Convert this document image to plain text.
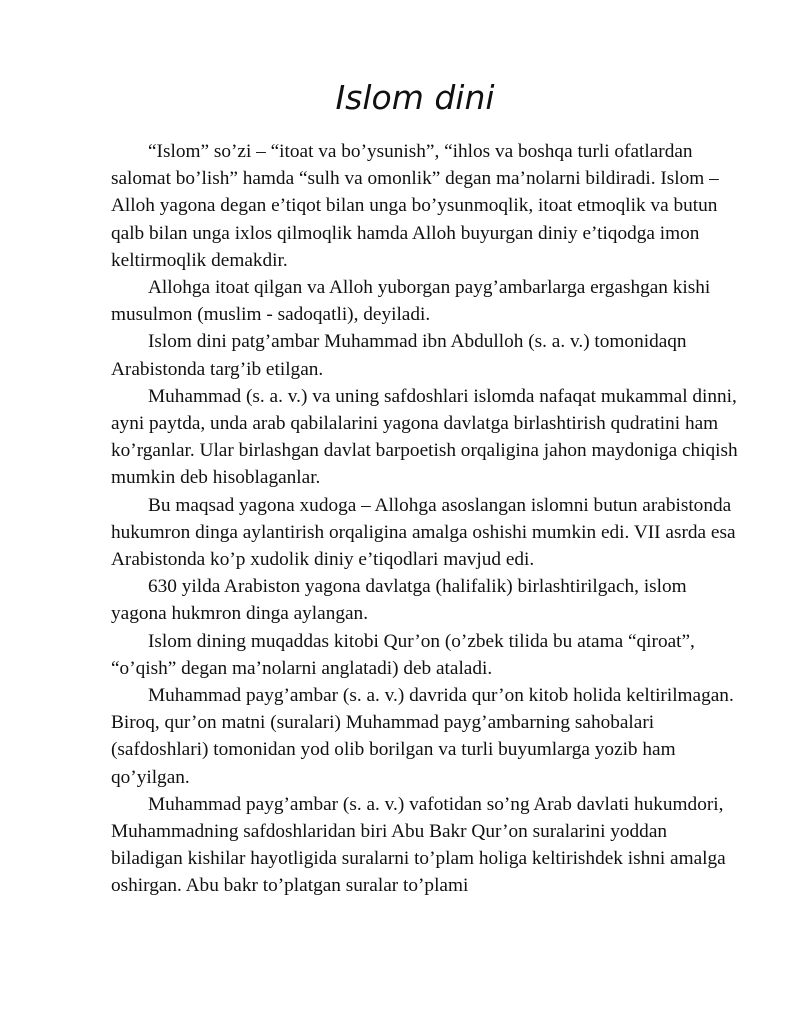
Islom dini

“Islom” so’zi – “itoat va bo’ysunish”, “ihlos va boshqa turli ofatlardan salomat bo’lish” hamda “sulh va omonlik” degan ma’nolarni bildiradi. Islom – Alloh yagona degan e’tiqot bilan unga bo’ysunmoqlik, itoat etmoqlik va butun qalb bilan unga ixlos qilmoqlik hamda Alloh buyurgan diniy e’tiqodga imon keltirmoqlik demakdir.

Allohga itoat qilgan va Alloh yuborgan payg’ambarlarga ergashgan kishi musulmon (muslim - sadoqatli), deyiladi.

Islom dini patg’ambar Muhammad ibn Abdulloh (s. a. v.) tomonidaqn Arabistonda targ’ib etilgan.

Muhammad (s. a. v.) va uning safdoshlari islomda nafaqat mukammal dinni, ayni paytda, unda arab qabilalarini yagona davlatga birlashtirish qudratini ham ko’rganlar. Ular birlashgan davlat barpoetish orqaligina jahon maydoniga chiqish mumkin deb hisoblaganlar.

Bu maqsad yagona xudoga – Allohga asoslangan islomni butun arabistonda hukumron dinga aylantirish orqaligina amalga oshishi mumkin edi. VII asrda esa Arabistonda ko’p xudolik diniy e’tiqodlari mavjud edi.

630 yilda Arabiston yagona davlatga (halifalik) birlashtirilgach, islom yagona hukmron dinga aylangan.

Islom dining muqaddas kitobi Qur’on (o’zbek tilida bu atama “qiroat”, “o’qish” degan ma’nolarni anglatadi) deb ataladi.

Muhammad payg’ambar (s. a. v.) davrida qur’on kitob holida keltirilmagan. Biroq, qur’on matni (suralari) Muhammad payg’ambarning sahobalari (safdoshlari) tomonidan yod olib borilgan va turli buyumlarga yozib ham qo’yilgan.

Muhammad payg’ambar (s. a. v.) vafotidan so’ng Arab davlati hukumdori, Muhammadning safdoshlaridan biri Abu Bakr Qur’on suralarini yoddan biladigan kishilar hayotligida suralarni to’plam holiga keltirishdek ishni amalga oshirgan. Abu bakr to’platgan suralar to’plami
